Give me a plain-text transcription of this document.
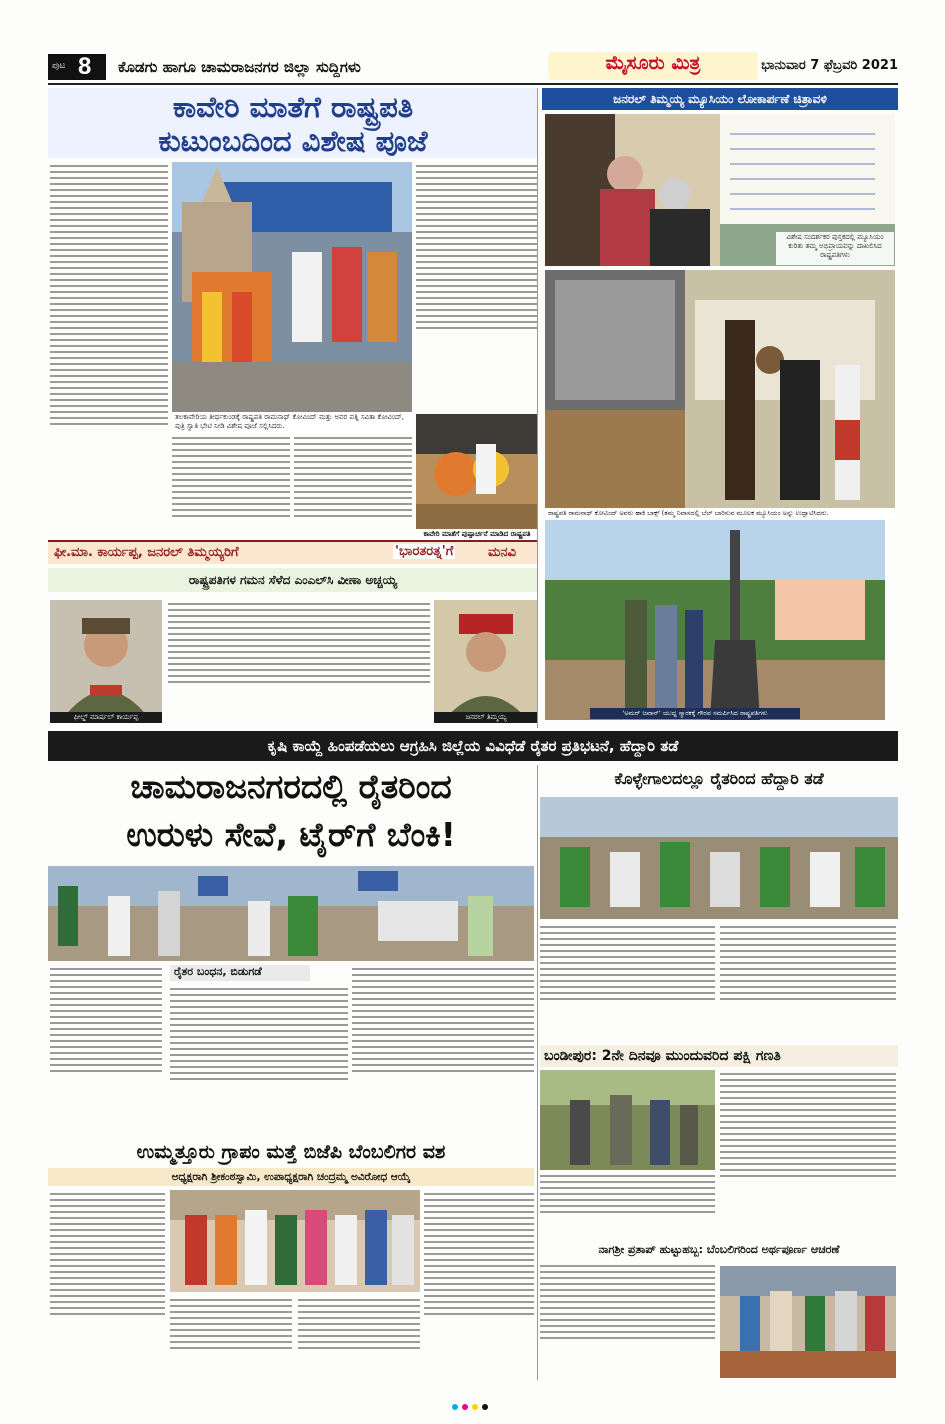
ಪುಟ 8 ಕೊಡಗು ಹಾಗೂ ಚಾಮರಾಜನಗರ ಜಿಲ್ಲಾ ಸುದ್ದಿಗಳು	ಮೈಸೂರು ಮಿತ್ರ	ಭಾನುವಾರ 7 ಫೆಬ್ರವರಿ 2021
ಕಾವೇರಿ ಮಾತೆಗೆ ರಾಷ್ಟ್ರಪತಿ
ಕುಟುಂಬದಿಂದ ವಿಶೇಷ ಪೂಜೆ
ತಲಕಾವೇರಿಯ ತೀರ್ಥಕುಂಡಕ್ಕೆ ರಾಷ್ಟ್ರಪತಿ ರಾಮನಾಥ್ ಕೋವಿಂದ್ ಮತ್ತು ಅವರ ಪತ್ನಿ ಸವಿತಾ ಕೋವಿಂದ್, ಪುತ್ರಿ ಸ್ವಾತಿ ಭೇಟಿ ನೀಡಿ ವಿಶೇಷ ಪೂಜೆ ಸಲ್ಲಿಸಿದರು.
ಕಾವೇರಿ ಮಾತೆಗೆ ಪುಷ್ಪಾರ್ಚನೆ ಮಾಡಿದ ರಾಷ್ಟ್ರಪತಿ
ಜನರಲ್ ತಿಮ್ಮಯ್ಯ ಮ್ಯೂಸಿಯಂ ಲೋಕಾರ್ಪಣೆ ಚಿತ್ರಾವಳಿ
ವಿಶೇಷ ಸಂದರ್ಶಕರ ಪುಸ್ತಕದಲ್ಲಿ ಮ್ಯೂಸಿಯಂ ಕುರಿತು ತಮ್ಮ ಅಭಿಪ್ರಾಯವನ್ನು ದಾಖಲಿಸಿದ ರಾಷ್ಟ್ರಪತಿಗಳು
ರಾಷ್ಟ್ರಪತಿ ರಾಮನಾಥ್ ಕೋವಿಂದ್ ಅವರು ಹಾಕಿ ಬಾಕ್ಸ್ (ತಮ್ಮ ನಿವಾಸದಲ್ಲಿ ಬೆಲ್ ಬಾರಿಸುವ ಮೂಲಕ ಮ್ಯೂಸಿಯಂ ಅನ್ನು ಉದ್ಘಾಟಿಸಿದರು.
'ಅಮರ್ ಜವಾನ್' ಯುದ್ಧ ಸ್ಮಾರಕಕ್ಕೆ ಗೌರವ ಸಮರ್ಪಿಸಿದ ರಾಷ್ಟ್ರಪತಿಗಳು
ಫೀ.ಮಾ. ಕಾರ್ಯಪ್ಪ, ಜನರಲ್ ತಿಮ್ಮಯ್ಯರಿಗೆ	'ಭಾರತರತ್ನ'ಗೆ	ಮನವಿ
ರಾಷ್ಟ್ರಪತಿಗಳ ಗಮನ ಸೆಳೆದ ಎಂಎಲ್‌ಸಿ ವೀಣಾ ಅಚ್ಚಯ್ಯ
ಫೀಲ್ಡ್ ಮಾರ್ಷಲ್ ಕಾರ್ಯಪ್ಪ	ಜನರಲ್ ತಿಮ್ಮಯ್ಯ
ಕೃಷಿ ಕಾಯ್ದೆ ಹಿಂಪಡೆಯಲು ಆಗ್ರಹಿಸಿ ಜಿಲ್ಲೆಯ ವಿವಿಧೆಡೆ ರೈತರ ಪ್ರತಿಭಟನೆ, ಹೆದ್ದಾರಿ ತಡೆ
ಚಾಮರಾಜನಗರದಲ್ಲಿ ರೈತರಿಂದ
ಉರುಳು ಸೇವೆ, ಟೈರ್‌ಗೆ ಬೆಂಕಿ!
ರೈತರ ಬಂಧನ, ಬಿಡುಗಡೆ
ಕೊಳ್ಳೇಗಾಲದಲ್ಲೂ ರೈತರಿಂದ ಹೆದ್ದಾರಿ ತಡೆ
ಬಂಡೀಪುರ: 2ನೇ ದಿನವೂ ಮುಂದುವರಿದ ಪಕ್ಷಿ ಗಣತಿ
ನಾಗಶ್ರೀ ಪ್ರತಾಪ್ ಹುಟ್ಟುಹಬ್ಬ: ಬೆಂಬಲಿಗರಿಂದ ಅರ್ಥಪೂರ್ಣ ಆಚರಣೆ
ಉಮ್ಮತ್ತೂರು ಗ್ರಾಪಂ ಮತ್ತೆ ಬಿಜೆಪಿ ಬೆಂಬಲಿಗರ ವಶ
ಅಧ್ಯಕ್ಷರಾಗಿ ಶ್ರೀಕಂಠಸ್ವಾಮಿ, ಉಪಾಧ್ಯಕ್ಷರಾಗಿ ಚಂದ್ರಮ್ಮ ಅವಿರೋಧ ಆಯ್ಕೆ
